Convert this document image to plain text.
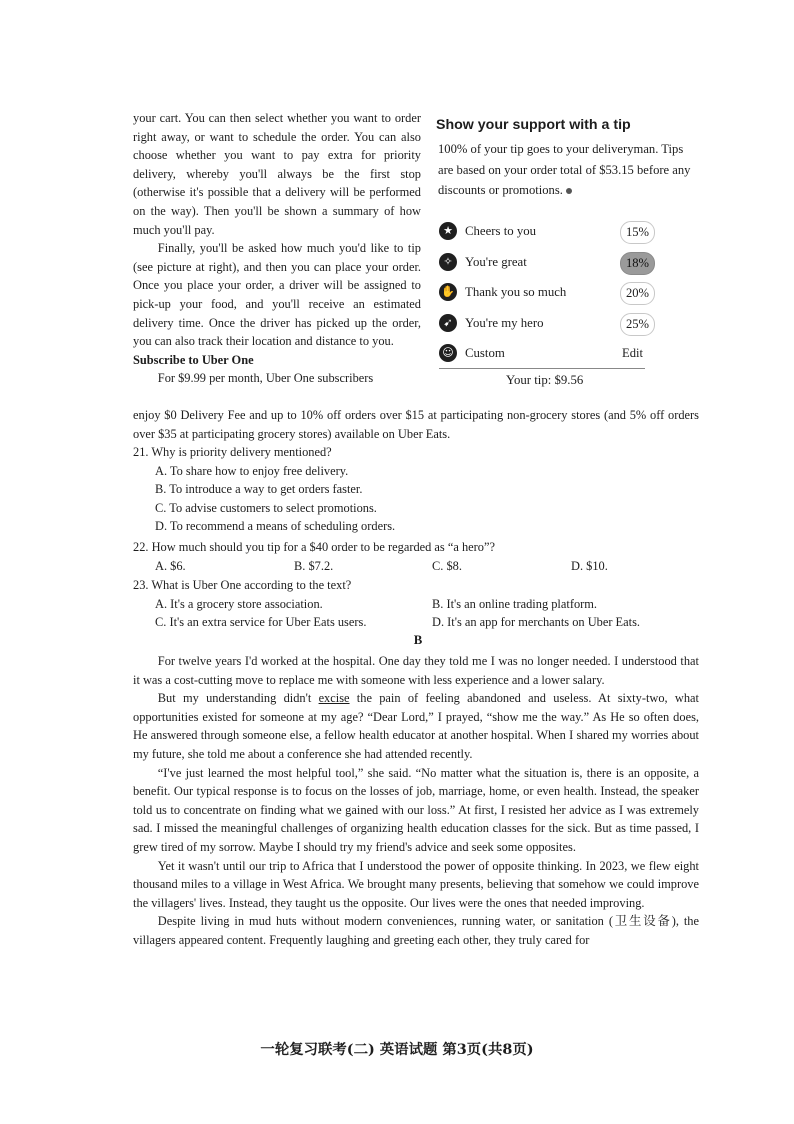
your cart. You can then select whether you want to order right away, or want to schedule the order. You can also choose whether you want to pay extra for priority delivery, whereby you'll always be the first stop (otherwise it's possible that a delivery will be performed on the way). Then you'll be shown a summary of how much you'll pay.

Finally, you'll be asked how much you'd like to tip (see picture at right), and then you can place your order. Once you place your order, a driver will be assigned to pick-up your food, and you'll receive an estimated delivery time. Once the driver has picked up the order, you can also track their location and distance to you.

Subscribe to Uber One

For $9.99 per month, Uber One subscribers

Show your support with a tip

100% of your tip goes to your deliveryman. Tips are based on your order total of $53.15 before any discounts or promotions.

★ Cheers to you	15%
✧ You're great	18%
✋ Thank you so much	20%
➹ You're my hero	25%
☺ Custom	Edit
Your tip: $9.56

enjoy $0 Delivery Fee and up to 10% off orders over $15 at participating non-grocery stores (and 5% off orders over $35 at participating grocery stores) available on Uber Eats.

21. Why is priority delivery mentioned?

A. To share how to enjoy free delivery.

B. To introduce a way to get orders faster.

C. To advise customers to select promotions.

D. To recommend a means of scheduling orders.

22. How much should you tip for a $40 order to be regarded as “a hero”?

A. $6.	B. $7.2.	C. $8.	D. $10.

23. What is Uber One according to the text?

A. It's a grocery store association.	B. It's an online trading platform.
C. It's an extra service for Uber Eats users.	D. It's an app for merchants on Uber Eats.
B

For twelve years I'd worked at the hospital. One day they told me I was no longer needed. I understood that it was a cost-cutting move to replace me with someone with less experience and a lower salary.

But my understanding didn't excise the pain of feeling abandoned and useless. At sixty-two, what opportunities existed for someone at my age? “Dear Lord,” I prayed, “show me the way.” As He so often does, He answered through someone else, a fellow health educator at another hospital. When I shared my worries about my future, she told me about a conference she had attended recently.

“I've just learned the most helpful tool,” she said. “No matter what the situation is, there is an opposite, a benefit. Our typical response is to focus on the losses of job, marriage, home, or even health. Instead, the speaker told us to concentrate on finding what we gained with our loss.” At first, I resisted her advice as I was extremely sad. I missed the meaningful challenges of organizing health education classes for the sick. But as time passed, I grew tired of my sorrow. Maybe I should try my friend's advice and seek some opposites.

Yet it wasn't until our trip to Africa that I understood the power of opposite thinking. In 2023, we flew eight thousand miles to a village in West Africa. We brought many presents, believing that somehow we could improve the villagers' lives. Instead, they taught us the opposite. Our lives were the ones that needed improving.

Despite living in mud huts without modern conveniences, running water, or sanitation (卫生设备), the villagers appeared content. Frequently laughing and greeting each other, they truly cared for

一轮复习联考(二) 英语试题 第3页(共8页)
